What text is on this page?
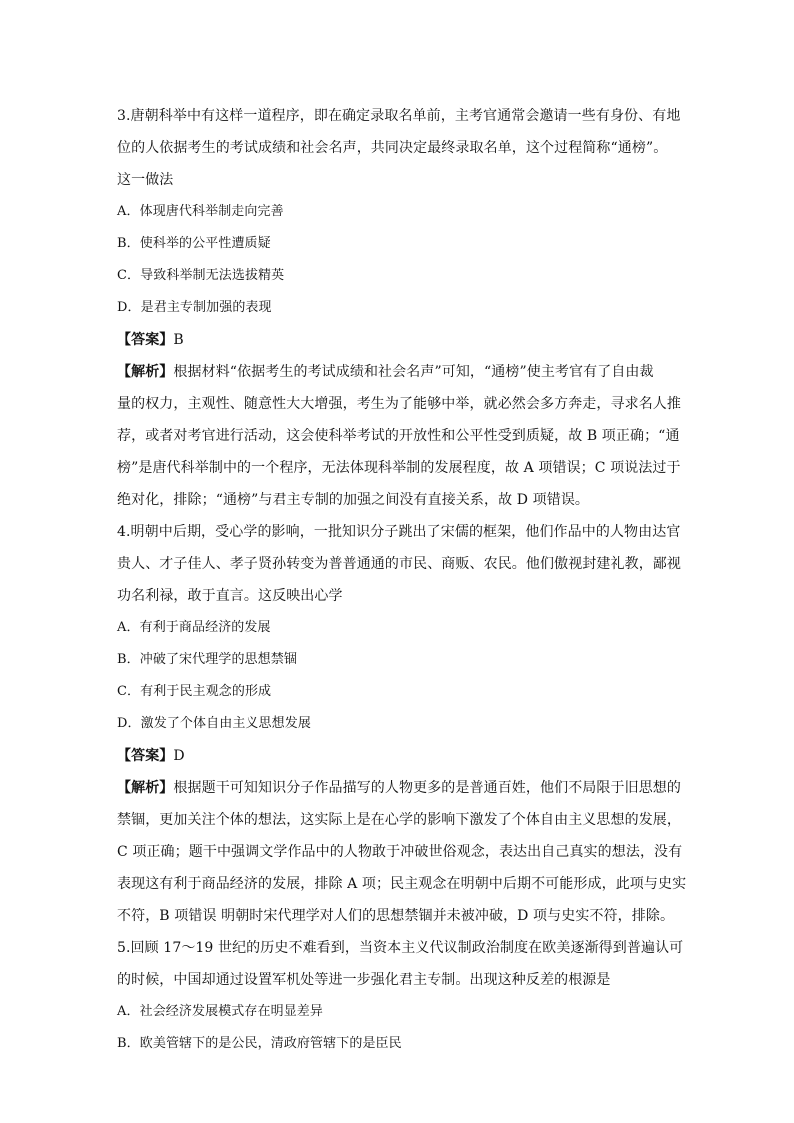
3.唐朝科举中有这样一道程序，即在确定录取名单前，主考官通常会邀请一些有身份、有地
位的人依据考生的考试成绩和社会名声，共同决定最终录取名单，这个过程简称“通榜”。
这一做法
A．体现唐代科举制走向完善
B．使科举的公平性遭质疑
C．导致科举制无法选拔精英
D．是君主专制加强的表现
【答案】B
【解析】根据材料“依据考生的考试成绩和社会名声”可知，“通榜”使主考官有了自由裁
量的权力，主观性、随意性大大增强，考生为了能够中举，就必然会多方奔走，寻求名人推
荐，或者对考官进行活动，这会使科举考试的开放性和公平性受到质疑，故 B 项正确；“通
榜”是唐代科举制中的一个程序，无法体现科举制的发展程度，故 A 项错误；C 项说法过于
绝对化，排除；“通榜”与君主专制的加强之间没有直接关系，故 D 项错误。
4.明朝中后期，受心学的影响，一批知识分子跳出了宋儒的框架，他们作品中的人物由达官
贵人、才子佳人、孝子贤孙转变为普普通通的市民、商贩、农民。他们傲视封建礼教，鄙视
功名利禄，敢于直言。这反映出心学
A．有利于商品经济的发展
B．冲破了宋代理学的思想禁锢
C．有利于民主观念的形成
D．激发了个体自由主义思想发展
【答案】D
【解析】根据题干可知知识分子作品描写的人物更多的是普通百姓，他们不局限于旧思想的
禁锢，更加关注个体的想法，这实际上是在心学的影响下激发了个体自由主义思想的发展，
C 项正确；题干中强调文学作品中的人物敢于冲破世俗观念，表达出自己真实的想法，没有
表现这有利于商品经济的发展，排除 A 项；民主观念在明朝中后期不可能形成，此项与史实
不符，B 项错误 明朝时宋代理学对人们的思想禁锢并未被冲破，D 项与史实不符，排除。
5.回顾 17～19 世纪的历史不难看到，当资本主义代议制政治制度在欧美逐渐得到普遍认可
的时候，中国却通过设置军机处等进一步强化君主专制。出现这种反差的根源是
A．社会经济发展模式存在明显差异
B．欧美管辖下的是公民，清政府管辖下的是臣民
